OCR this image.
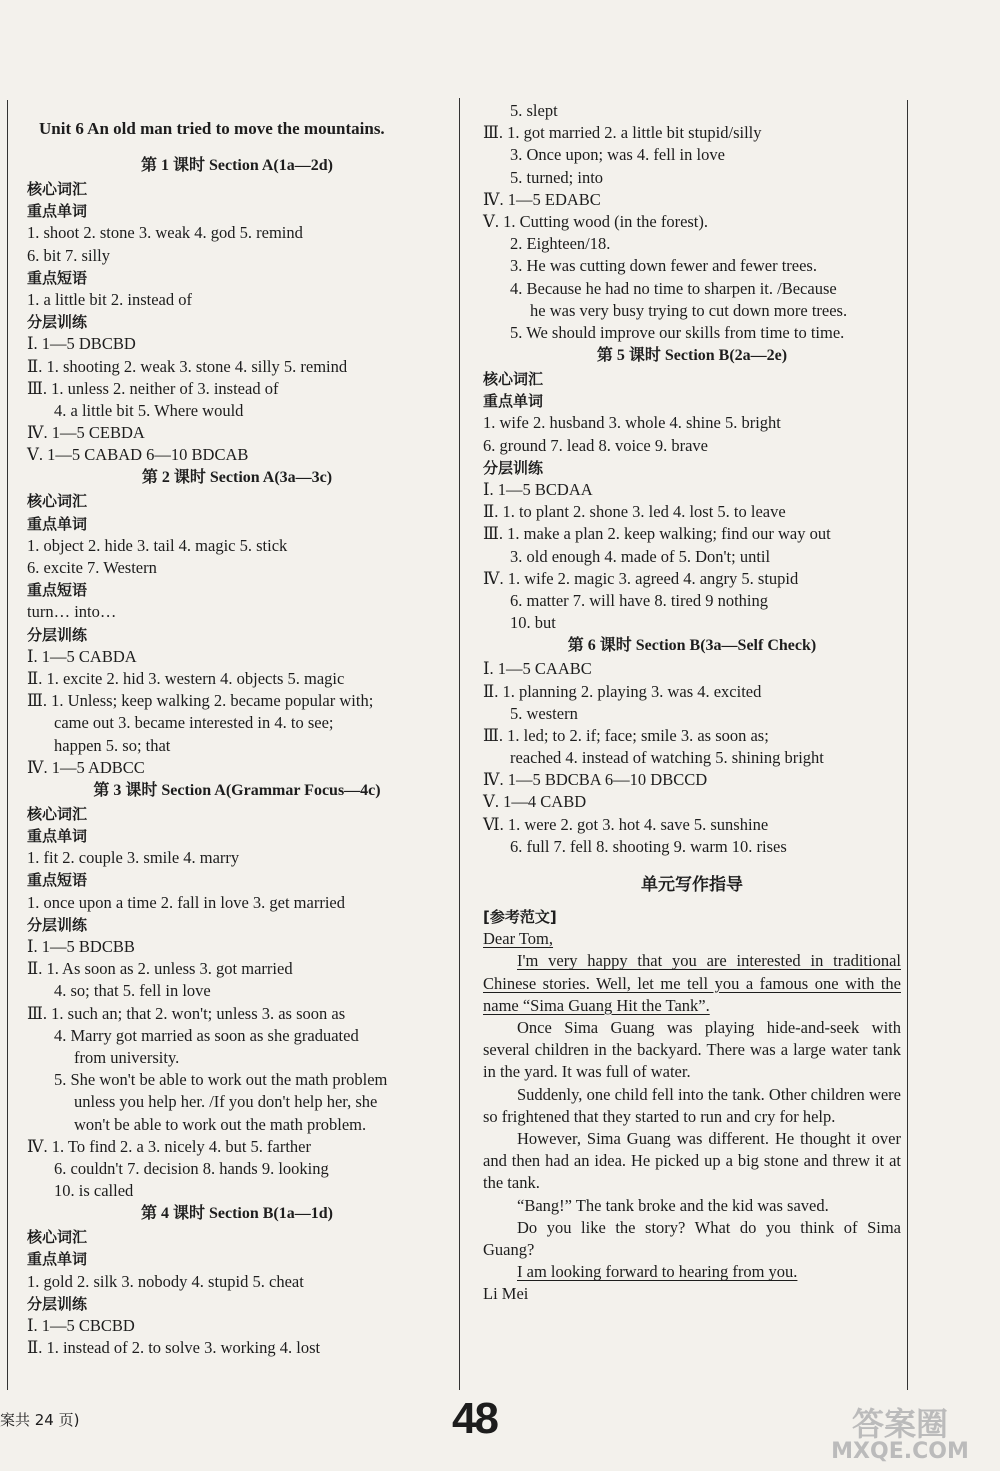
Unit 6 An old man tried to move the mountains.
第 1 课时 Section A(1a—2d)
核心词汇
重点单词
1. shoot 2. stone 3. weak 4. god 5. remind
6. bit 7. silly
重点短语
1. a little bit 2. instead of
分层训练
Ⅰ. 1—5 DBCBD
Ⅱ. 1. shooting 2. weak 3. stone 4. silly 5. remind
Ⅲ. 1. unless 2. neither of 3. instead of
4. a little bit 5. Where would
Ⅳ. 1—5 CEBDA
Ⅴ. 1—5 CABAD 6—10 BDCAB
第 2 课时 Section A(3a—3c)
核心词汇
重点单词
1. object 2. hide 3. tail 4. magic 5. stick
6. excite 7. Western
重点短语
turn… into…
分层训练
Ⅰ. 1—5 CABDA
Ⅱ. 1. excite 2. hid 3. western 4. objects 5. magic
Ⅲ. 1. Unless; keep walking 2. became popular with;
came out 3. became interested in 4. to see;
happen 5. so; that
Ⅳ. 1—5 ADBCC
第 3 课时 Section A(Grammar Focus—4c)
核心词汇
重点单词
1. fit 2. couple 3. smile 4. marry
重点短语
1. once upon a time 2. fall in love 3. get married
分层训练
Ⅰ. 1—5 BDCBB
Ⅱ. 1. As soon as 2. unless 3. got married
4. so; that 5. fell in love
Ⅲ. 1. such an; that 2. won't; unless 3. as soon as
4. Marry got married as soon as she graduated
from university.
5. She won't be able to work out the math problem
unless you help her. /If you don't help her, she
won't be able to work out the math problem.
Ⅳ. 1. To find 2. a 3. nicely 4. but 5. farther
6. couldn't 7. decision 8. hands 9. looking
10. is called
第 4 课时 Section B(1a—1d)
核心词汇
重点单词
1. gold 2. silk 3. nobody 4. stupid 5. cheat
分层训练
Ⅰ. 1—5 CBCBD
Ⅱ. 1. instead of 2. to solve 3. working 4. lost
5. slept
Ⅲ. 1. got married 2. a little bit stupid/silly
3. Once upon; was 4. fell in love
5. turned; into
Ⅳ. 1—5 EDABC
Ⅴ. 1. Cutting wood (in the forest).
2. Eighteen/18.
3. He was cutting down fewer and fewer trees.
4. Because he had no time to sharpen it. /Because
he was very busy trying to cut down more trees.
5. We should improve our skills from time to time.
第 5 课时 Section B(2a—2e)
核心词汇
重点单词
1. wife 2. husband 3. whole 4. shine 5. bright
6. ground 7. lead 8. voice 9. brave
分层训练
Ⅰ. 1—5 BCDAA
Ⅱ. 1. to plant 2. shone 3. led 4. lost 5. to leave
Ⅲ. 1. make a plan 2. keep walking; find our way out
3. old enough 4. made of 5. Don't; until
Ⅳ. 1. wife 2. magic 3. agreed 4. angry 5. stupid
6. matter 7. will have 8. tired 9 nothing
10. but
第 6 课时 Section B(3a—Self Check)
Ⅰ. 1—5 CAABC
Ⅱ. 1. planning 2. playing 3. was 4. excited
5. western
Ⅲ. 1. led; to 2. if; face; smile 3. as soon as;
reached 4. instead of watching 5. shining bright
Ⅳ. 1—5 BDCBA 6—10 DBCCD
Ⅴ. 1—4 CABD
Ⅵ. 1. were 2. got 3. hot 4. save 5. sunshine
6. full 7. fell 8. shooting 9. warm 10. rises
单元写作指导

[参考范文]

Dear Tom,

I'm very happy that you are interested in traditional Chinese stories. Well, let me tell you a famous one with the name “Sima Guang Hit the Tank”.

Once Sima Guang was playing hide-and-seek with several children in the backyard. There was a large water tank in the yard. It was full of water.

Suddenly, one child fell into the tank. Other children were so frightened that they started to run and cry for help.

However, Sima Guang was different. He thought it over and then had an idea. He picked up a big stone and threw it at the tank.

“Bang!” The tank broke and the kid was saved.

Do you like the story? What do you think of Sima Guang?

I am looking forward to hearing from you.

Li Mei

案共 24 页)	48	答案圈
MXQE.COM
